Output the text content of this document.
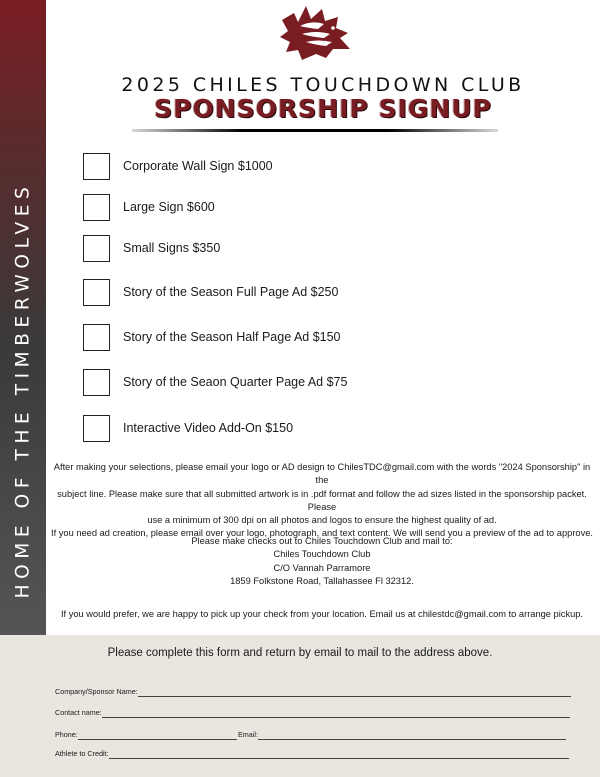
HOME OF THE TIMBERWOLVES
2025 CHILES TOUCHDOWN CLUB
SPONSORSHIP SIGNUP
Corporate Wall Sign $1000
Large Sign $600
Small Signs $350
Story of the Season Full Page Ad $250
Story of the Season Half Page Ad $150
Story of the Seaon Quarter Page Ad $75
Interactive Video Add-On $150
After making your selections, please email your logo or AD design to ChilesTDC@gmail.com with the words "2024 Sponsorship" in the
subject line. Please make sure that all submitted artwork is in .pdf format and follow the ad sizes listed in the sponsorship packet. Please
use a minimum of 300 dpi on all photos and logos to ensure the highest quality of ad.
If you need ad creation, please email over your logo, photograph, and text content. We will send you a preview of the ad to approve.
Please make checks out to Chiles Touchdown Club and mail to:
Chiles Touchdown Club
C/O Vannah Parramore
1859 Folkstone Road, Tallahassee Fl 32312.
If you would prefer, we are happy to pick up your check from your location. Email us at chilestdc@gmail.com to arrange pickup.
Please complete this form and return by email to mail to the address above.
Company/Sponsor Name:
Contact name:
Phone:	Email:
Athlete to Credit:
